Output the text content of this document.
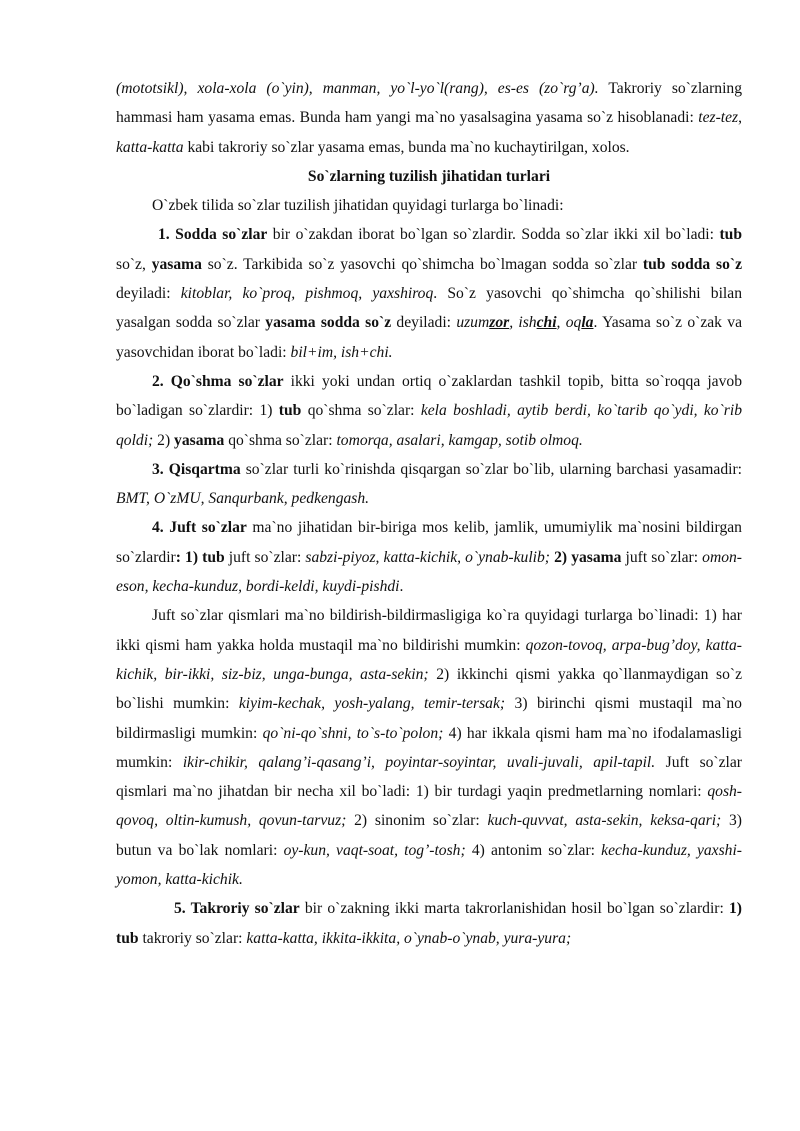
(mototsikl), xola-xola (o`yin), manman, yo`l-yo`l(rang), es-es (zo`rg’a). Takroriy so`zlarning hammasi ham yasama emas. Bunda ham yangi ma`no yasalsagina yasama so`z hisoblanadi: tez-tez, katta-katta kabi takroriy so`zlar yasama emas, bunda ma`no kuchaytirilgan, xolos.

So`zlarning tuzilish jihatidan turlari

O`zbek tilida so`zlar tuzilish jihatidan quyidagi turlarga bo`linadi:

1. Sodda so`zlar bir o`zakdan iborat bo`lgan so`zlardir. Sodda so`zlar ikki xil bo`ladi: tub so`z, yasama so`z. Tarkibida so`z yasovchi qo`shimcha bo`lmagan sodda so`zlar tub sodda so`z deyiladi: kitoblar, ko`proq, pishmoq, yaxshiroq. So`z yasovchi qo`shimcha qo`shilishi bilan yasalgan sodda so`zlar yasama sodda so`z deyiladi: uzumzor, ishchi, oqla. Yasama so`z o`zak va yasovchidan iborat bo`ladi: bil+im, ish+chi.

2. Qo`shma so`zlar ikki yoki undan ortiq o`zaklardan tashkil topib, bitta so`roqqa javob bo`ladigan so`zlardir: 1) tub qo`shma so`zlar: kela boshladi, aytib berdi, ko`tarib qo`ydi, ko`rib qoldi; 2) yasama qo`shma so`zlar: tomorqa, asalari, kamgap, sotib olmoq.

3. Qisqartma so`zlar turli ko`rinishda qisqargan so`zlar bo`lib, ularning barchasi yasamadir: BMT, O`zMU, Sanqurbank, pedkengash.

4. Juft so`zlar ma`no jihatidan bir-biriga mos kelib, jamlik, umumiylik ma`nosini bildirgan so`zlardir: 1) tub juft so`zlar: sabzi-piyoz, katta-kichik, o`ynab-kulib; 2) yasama juft so`zlar: omon-eson, kecha-kunduz, bordi-keldi, kuydi-pishdi.

Juft so`zlar qismlari ma`no bildirish-bildirmasligiga ko`ra quyidagi turlarga bo`linadi: 1) har ikki qismi ham yakka holda mustaqil ma`no bildirishi mumkin: qozon-tovoq, arpa-bug’doy, katta-kichik, bir-ikki, siz-biz, unga-bunga, asta-sekin; 2) ikkinchi qismi yakka qo`llanmaydigan so`z bo`lishi mumkin: kiyim-kechak, yosh-yalang, temir-tersak; 3) birinchi qismi mustaqil ma`no bildirmasligi mumkin: qo`ni-qo`shni, to`s-to`polon; 4) har ikkala qismi ham ma`no ifodalamasligi mumkin: ikir-chikir, qalang’i-qasang’i, poyintar-soyintar, uvali-juvali, apil-tapil. Juft so`zlar qismlari ma`no jihatdan bir necha xil bo`ladi: 1) bir turdagi yaqin predmetlarning nomlari: qosh-qovoq, oltin-kumush, qovun-tarvuz; 2) sinonim so`zlar: kuch-quvvat, asta-sekin, keksa-qari; 3) butun va bo`lak nomlari: oy-kun, vaqt-soat, tog’-tosh; 4) antonim so`zlar: kecha-kunduz, yaxshi-yomon, katta-kichik.

5. Takroriy so`zlar bir o`zakning ikki marta takrorlanishidan hosil bo`lgan so`zlardir: 1) tub takroriy so`zlar: katta-katta, ikkita-ikkita, o`ynab-o`ynab, yura-yura;
